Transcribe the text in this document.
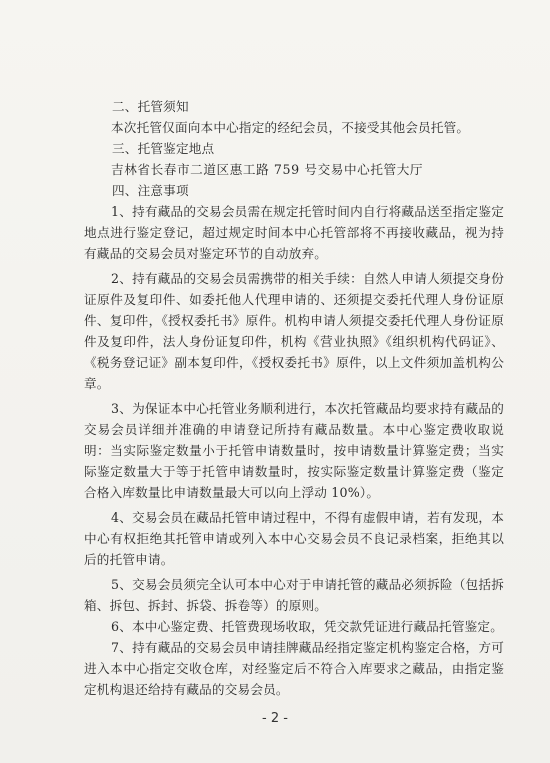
二、托管须知

本次托管仅面向本中心指定的经纪会员，不接受其他会员托管。

三、托管鉴定地点

吉林省长春市二道区惠工路 759 号交易中心托管大厅

四、注意事项

1、持有藏品的交易会员需在规定托管时间内自行将藏品送至指定鉴定地点进行鉴定登记，超过规定时间本中心托管部将不再接收藏品，视为持有藏品的交易会员对鉴定环节的自动放弃。

2、持有藏品的交易会员需携带的相关手续：自然人申请人须提交身份证原件及复印件、如委托他人代理申请的、还须提交委托代理人身份证原件、复印件，《授权委托书》原件。机构申请人须提交委托代理人身份证原件及复印件，法人身份证复印件，机构《营业执照》《组织机构代码证》、《税务登记证》副本复印件，《授权委托书》原件，以上文件须加盖机构公章。

3、为保证本中心托管业务顺利进行，本次托管藏品均要求持有藏品的交易会员详细并准确的申请登记所持有藏品数量。本中心鉴定费收取说明：当实际鉴定数量小于托管申请数量时，按申请数量计算鉴定费；当实际鉴定数量大于等于托管申请数量时，按实际鉴定数量计算鉴定费（鉴定合格入库数量比申请数量最大可以向上浮动 10%）。

4、交易会员在藏品托管申请过程中，不得有虚假申请，若有发现，本中心有权拒绝其托管申请或列入本中心交易会员不良记录档案，拒绝其以后的托管申请。

5、交易会员须完全认可本中心对于申请托管的藏品必须拆险（包括拆箱、拆包、拆封、拆袋、拆卷等）的原则。

6、本中心鉴定费、托管费现场收取，凭交款凭证进行藏品托管鉴定。

7、持有藏品的交易会员申请挂牌藏品经指定鉴定机构鉴定合格，方可进入本中心指定交收仓库，对经鉴定后不符合入库要求之藏品，由指定鉴定机构退还给持有藏品的交易会员。

- 2 -
